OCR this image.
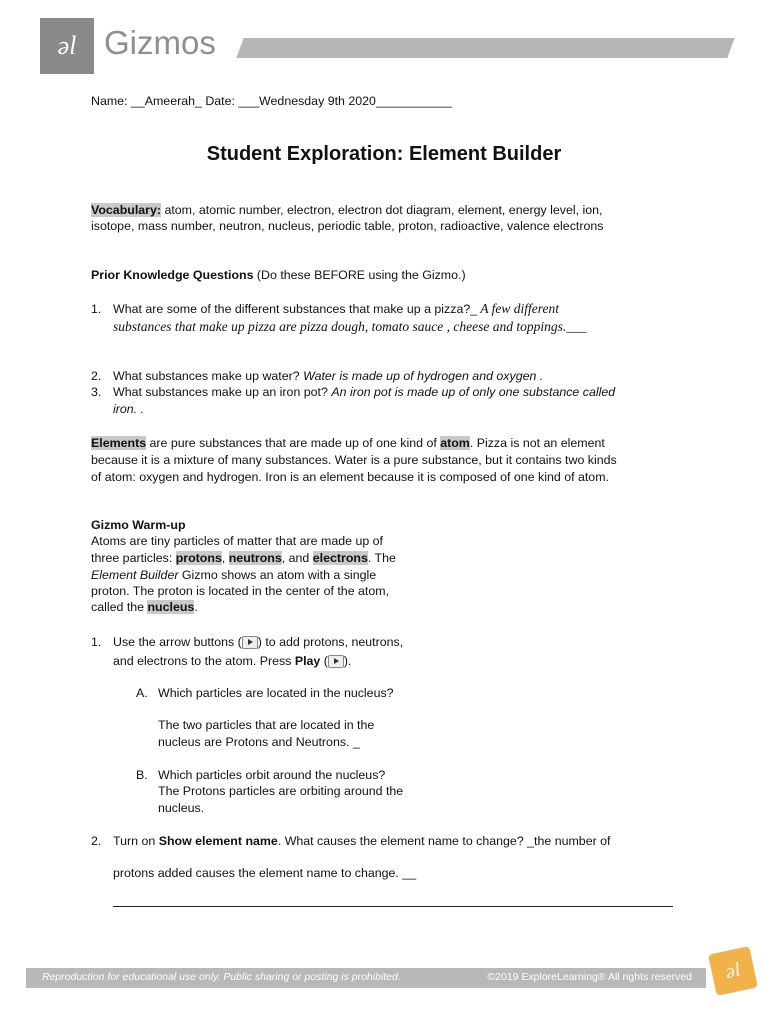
əl Gizmos
Name: __Ameerah_ Date: ___Wednesday 9th 2020___________
Student Exploration: Element Builder
Vocabulary: atom, atomic number, electron, electron dot diagram, element, energy level, ion,
isotope, mass number, neutron, nucleus, periodic table, proton, radioactive, valence electrons
Prior Knowledge Questions (Do these BEFORE using the Gizmo.)
1. What are some of the different substances that make up a pizza?_ A few different
substances that make up pizza are pizza dough, tomato sauce , cheese and toppings.___
2. What substances make up water? Water is made up of hydrogen and oxygen .
3. What substances make up an iron pot? An iron pot is made up of only one substance called
iron. .
Elements are pure substances that are made up of one kind of atom. Pizza is not an element
because it is a mixture of many substances. Water is a pure substance, but it contains two kinds
of atom: oxygen and hydrogen. Iron is an element because it is composed of one kind of atom.
Gizmo Warm-up
Atoms are tiny particles of matter that are made up of
three particles: protons, neutrons, and electrons. The
Element Builder Gizmo shows an atom with a single
proton. The proton is located in the center of the atom,
called the nucleus.
1. Use the arrow buttons ( ) to add protons, neutrons,
and electrons to the atom. Press Play ( ).
A. Which particles are located in the nucleus?
The two particles that are located in the
nucleus are Protons and Neutrons. _
B. Which particles orbit around the nucleus?
The Protons particles are orbiting around the
nucleus.
2. Turn on Show element name. What causes the element name to change? _the number of
protons added causes the element name to change. __
Reproduction for educational use only. Public sharing or posting is prohibited.	©2019 ExploreLearning® All rights reserved	əl
